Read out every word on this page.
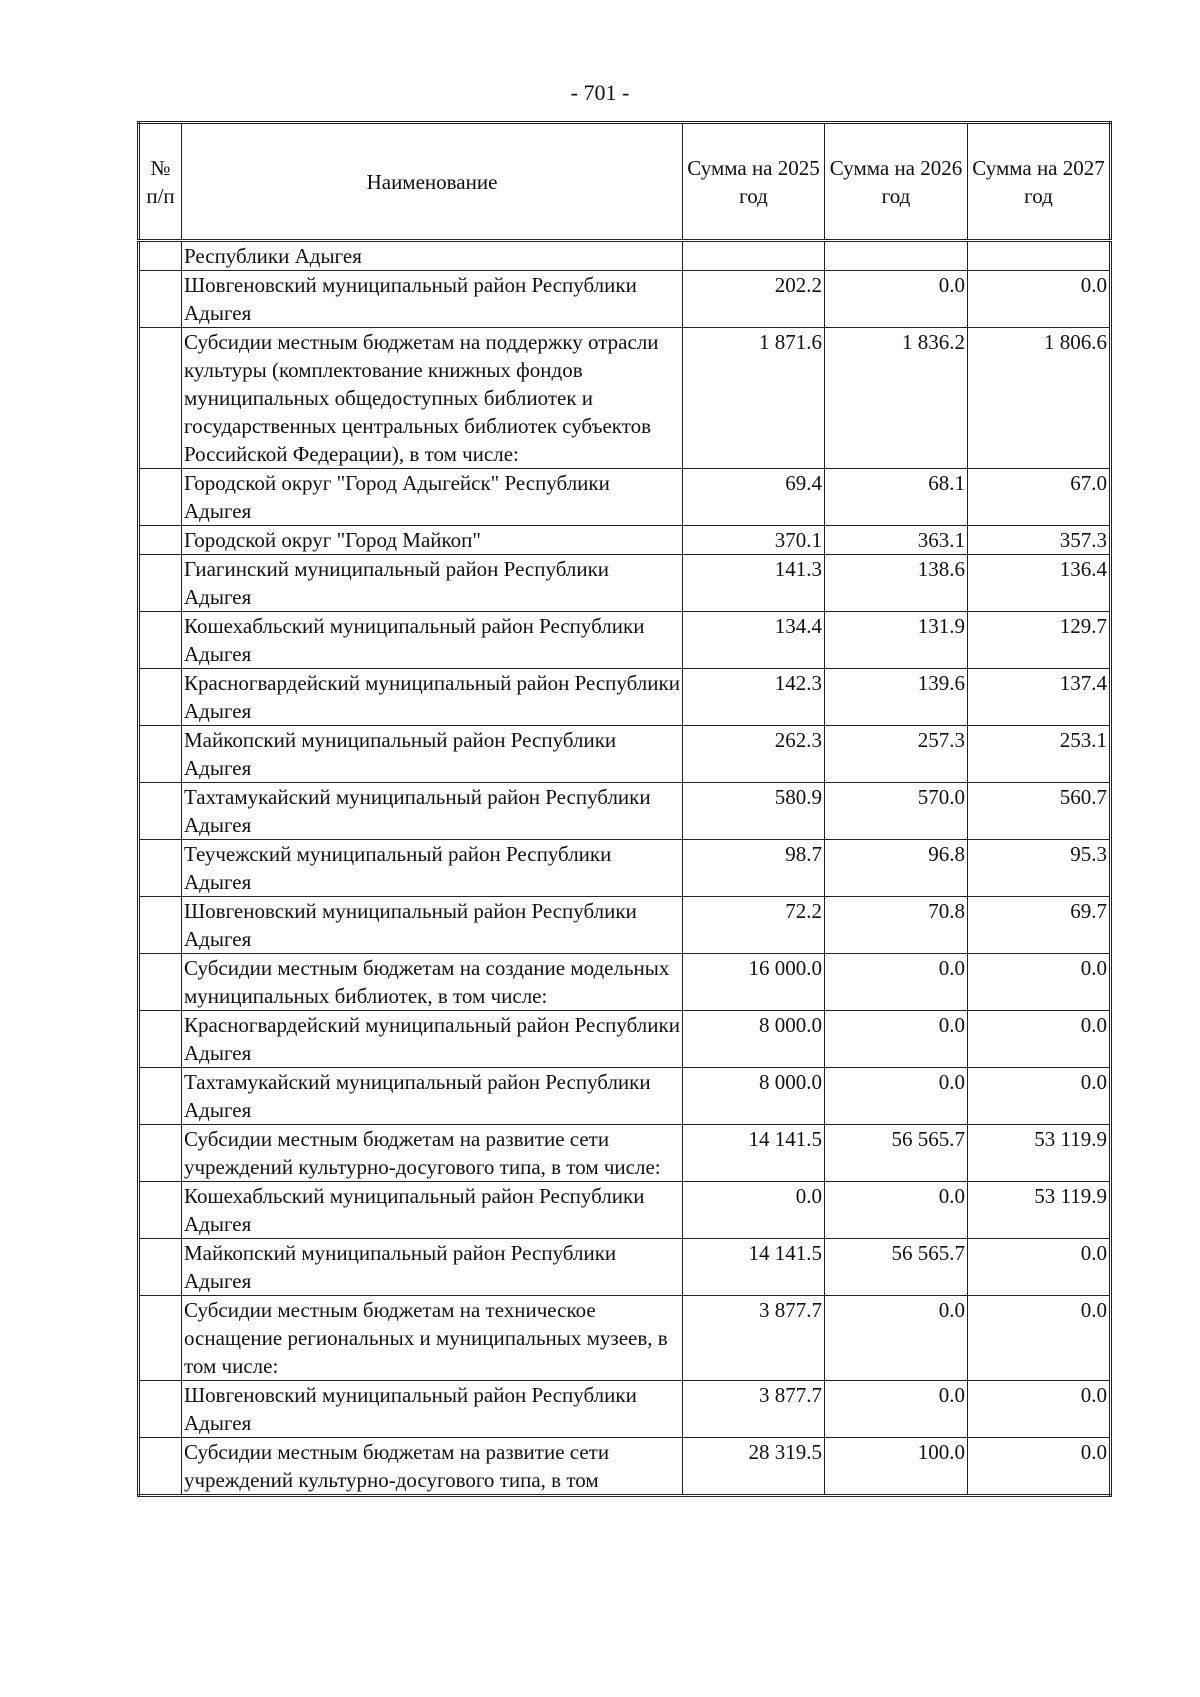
- 701 -
№ п/п	Наименование	Сумма на 2025 год	Сумма на 2026 год	Сумма на 2027 год
	Республики Адыгея			
	Шовгеновский муниципальный район Республики Адыгея	202.2	0.0	0.0
	Субсидии местным бюджетам на поддержку отрасли культуры (комплектование книжных фондов муниципальных общедоступных библиотек и государственных центральных библиотек субъектов Российской Федерации), в том числе:	1 871.6	1 836.2	1 806.6
	Городской округ "Город Адыгейск" Республики Адыгея	69.4	68.1	67.0
	Городской округ "Город Майкоп"	370.1	363.1	357.3
	Гиагинский муниципальный район Республики Адыгея	141.3	138.6	136.4
	Кошехабльский муниципальный район Республики Адыгея	134.4	131.9	129.7
	Красногвардейский муниципальный район Республики Адыгея	142.3	139.6	137.4
	Майкопский муниципальный район Республики Адыгея	262.3	257.3	253.1
	Тахтамукайский муниципальный район Республики Адыгея	580.9	570.0	560.7
	Теучежский муниципальный район Республики Адыгея	98.7	96.8	95.3
	Шовгеновский муниципальный район Республики Адыгея	72.2	70.8	69.7
	Субсидии местным бюджетам на создание модельных муниципальных библиотек, в том числе:	16 000.0	0.0	0.0
	Красногвардейский муниципальный район Республики Адыгея	8 000.0	0.0	0.0
	Тахтамукайский муниципальный район Республики Адыгея	8 000.0	0.0	0.0
	Субсидии местным бюджетам на развитие сети учреждений культурно-досугового типа, в том числе:	14 141.5	56 565.7	53 119.9
	Кошехабльский муниципальный район Республики Адыгея	0.0	0.0	53 119.9
	Майкопский муниципальный район Республики Адыгея	14 141.5	56 565.7	0.0
	Субсидии местным бюджетам на техническое оснащение региональных и муниципальных музеев, в том числе:	3 877.7	0.0	0.0
	Шовгеновский муниципальный район Республики Адыгея	3 877.7	0.0	0.0
	Субсидии местным бюджетам на развитие сети учреждений культурно-досугового типа, в том	28 319.5	100.0	0.0
